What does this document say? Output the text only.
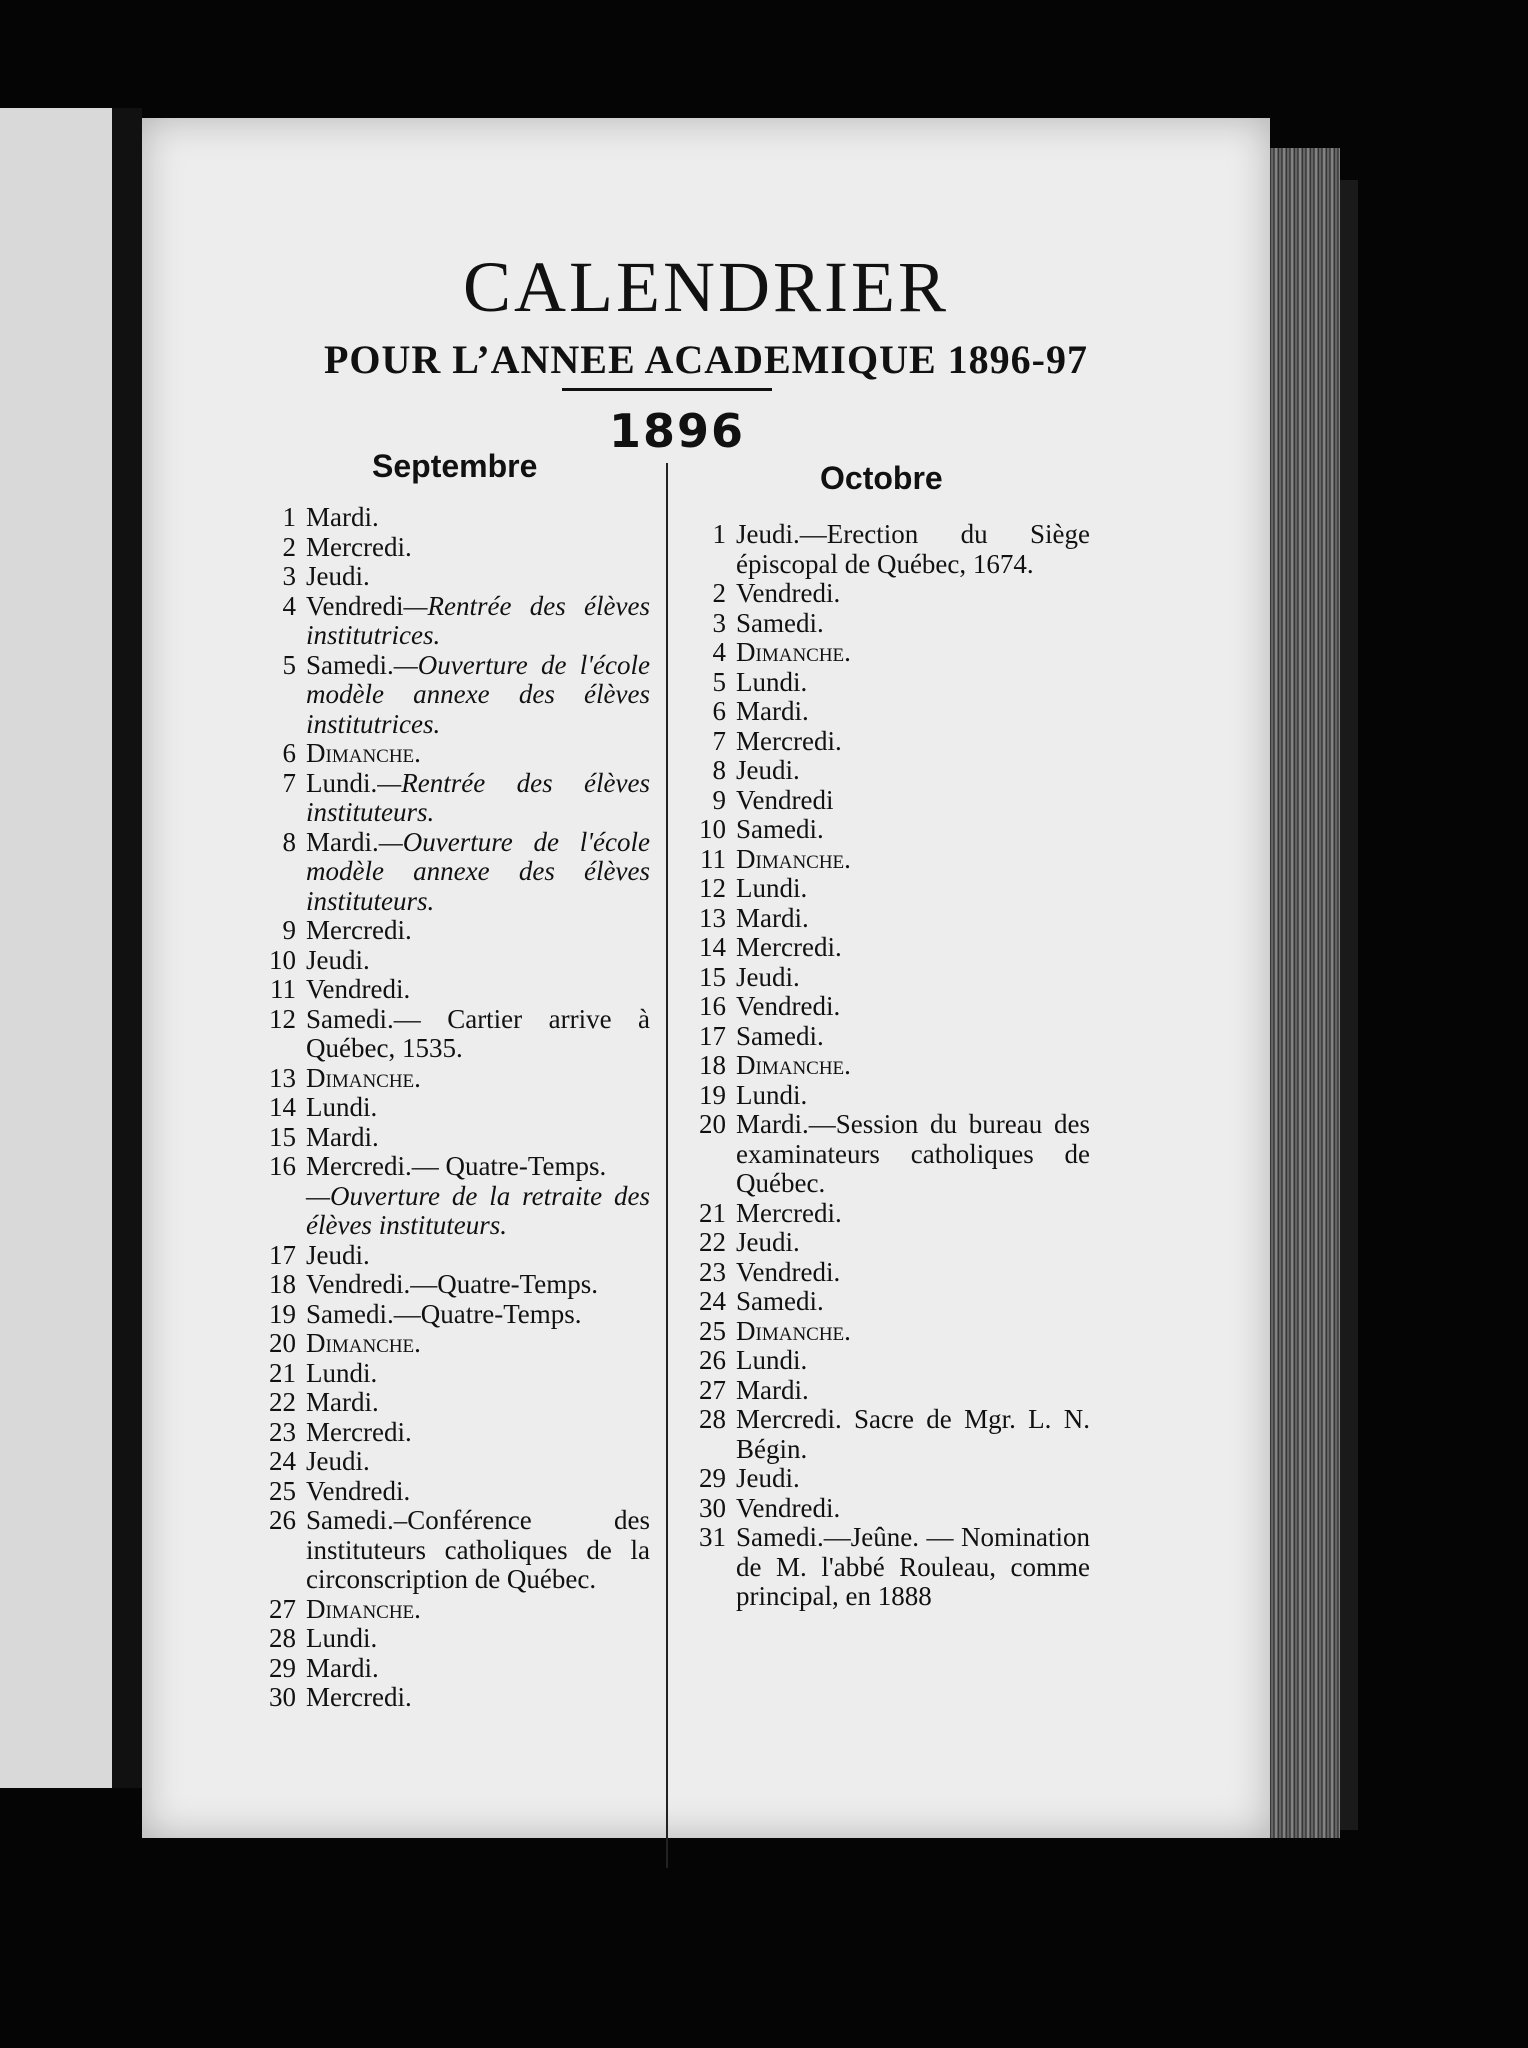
CALENDRIER
POUR L’ANNEE ACADEMIQUE 1896-97
1896
Septembre	Octobre
1 Mardi.
2 Mercredi.
3 Jeudi.
4 Vendredi—Rentrée des élèves institutrices.
5 Samedi.—Ouverture de l'école modèle annexe des élèves institutrices.
6 Dimanche.
7 Lundi.—Rentrée des élèves instituteurs.
8 Mardi.—Ouverture de l'école modèle annexe des élèves instituteurs.
9 Mercredi.
10 Jeudi.
11 Vendredi.
12 Samedi.— Cartier arrive à Québec, 1535.
13 Dimanche.
14 Lundi.
15 Mardi.
16 Mercredi.— Quatre-Temps.
—Ouverture de la retraite des élèves instituteurs.
17 Jeudi.
18 Vendredi.—Quatre-Temps.
19 Samedi.—Quatre-Temps.
20 Dimanche.
21 Lundi.
22 Mardi.
23 Mercredi.
24 Jeudi.
25 Vendredi.
26 Samedi.–Conférence des instituteurs catholiques de la circonscription de Québec.
27 Dimanche.
28 Lundi.
29 Mardi.
30 Mercredi.
1 Jeudi.—Erection du Siège épiscopal de Québec, 1674.
2 Vendredi.
3 Samedi.
4 Dimanche.
5 Lundi.
6 Mardi.
7 Mercredi.
8 Jeudi.
9 Vendredi
10 Samedi.
11 Dimanche.
12 Lundi.
13 Mardi.
14 Mercredi.
15 Jeudi.
16 Vendredi.
17 Samedi.
18 Dimanche.
19 Lundi.
20 Mardi.—Session du bureau des examinateurs catholiques de Québec.
21 Mercredi.
22 Jeudi.
23 Vendredi.
24 Samedi.
25 Dimanche.
26 Lundi.
27 Mardi.
28 Mercredi. Sacre de Mgr. L. N. Bégin.
29 Jeudi.
30 Vendredi.
31 Samedi.—Jeûne. — Nomination de M. l'abbé Rouleau, comme principal, en 1888
